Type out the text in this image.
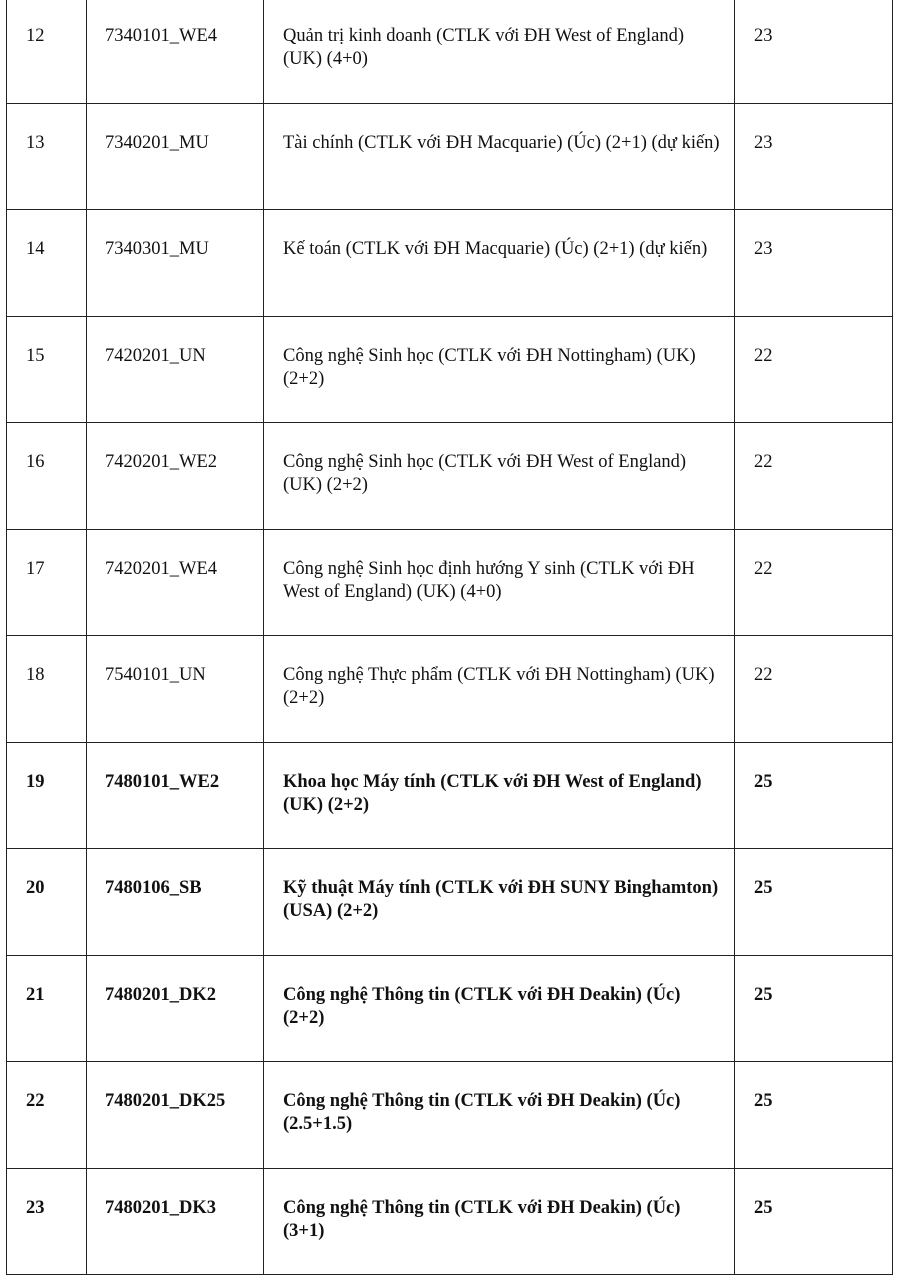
12	7340101_WE4	Quản trị kinh doanh (CTLK với ĐH West of England) (UK) (4+0)	23

13	7340201_MU	Tài chính (CTLK với ĐH Macquarie) (Úc) (2+1) (dự kiến)	23

14	7340301_MU	Kế toán (CTLK với ĐH Macquarie) (Úc) (2+1) (dự kiến)	23

15	7420201_UN	Công nghệ Sinh học (CTLK với ĐH Nottingham) (UK) (2+2)	22

16	7420201_WE2	Công nghệ Sinh học (CTLK với ĐH West of England) (UK) (2+2)	22

17	7420201_WE4	Công nghệ Sinh học định hướng Y sinh (CTLK với ĐH West of England) (UK) (4+0)	22

18	7540101_UN	Công nghệ Thực phẩm (CTLK với ĐH Nottingham) (UK) (2+2)	22

19	7480101_WE2	Khoa học Máy tính (CTLK với ĐH West of England) (UK) (2+2)	25

20	7480106_SB	Kỹ thuật Máy tính (CTLK với ĐH SUNY Binghamton) (USA) (2+2)	25

21	7480201_DK2	Công nghệ Thông tin (CTLK với ĐH Deakin) (Úc) (2+2)	25

22	7480201_DK25	Công nghệ Thông tin (CTLK với ĐH Deakin) (Úc) (2.5+1.5)	25

23	7480201_DK3	Công nghệ Thông tin (CTLK với ĐH Deakin) (Úc) (3+1)	25
